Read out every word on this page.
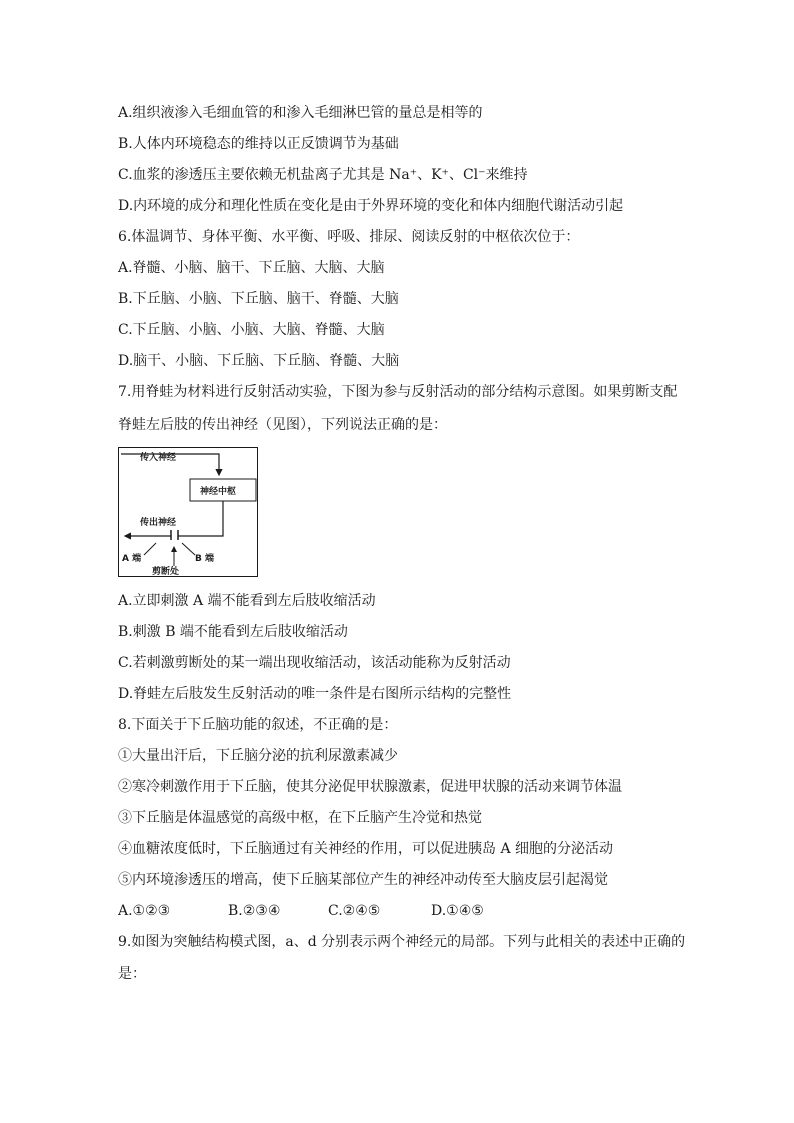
A.组织液渗入毛细血管的和渗入毛细淋巴管的量总是相等的
B.人体内环境稳态的维持以正反馈调节为基础
C.血浆的渗透压主要依赖无机盐离子尤其是 Na⁺、K⁺、Cl⁻来维持
D.内环境的成分和理化性质在变化是由于外界环境的变化和体内细胞代谢活动引起
6.体温调节、身体平衡、水平衡、呼吸、排尿、阅读反射的中枢依次位于：
A.脊髓、小脑、脑干、下丘脑、大脑、大脑
B.下丘脑、小脑、下丘脑、脑干、脊髓、大脑
C.下丘脑、小脑、小脑、大脑、脊髓、大脑
D.脑干、小脑、下丘脑、下丘脑、脊髓、大脑
7.用脊蛙为材料进行反射活动实验，下图为参与反射活动的部分结构示意图。如果剪断支配
脊蛙左后肢的传出神经（见图），下列说法正确的是：
传入神经
神经中枢
传出神经
A 端	B 端
剪断处
A.立即刺激 A 端不能看到左后肢收缩活动
B.刺激 B 端不能看到左后肢收缩活动
C.若刺激剪断处的某一端出现收缩活动，该活动能称为反射活动
D.脊蛙左后肢发生反射活动的唯一条件是右图所示结构的完整性
8.下面关于下丘脑功能的叙述，不正确的是：
①大量出汗后，下丘脑分泌的抗利尿激素减少
②寒冷刺激作用于下丘脑，使其分泌促甲状腺激素，促进甲状腺的活动来调节体温
③下丘脑是体温感觉的高级中枢，在下丘脑产生冷觉和热觉
④血糖浓度低时，下丘脑通过有关神经的作用，可以促进胰岛 A 细胞的分泌活动
⑤内环境渗透压的增高，使下丘脑某部位产生的神经冲动传至大脑皮层引起渴觉
A.①②③	B.②③④	C.②④⑤	D.①④⑤
9.如图为突触结构模式图，a、d 分别表示两个神经元的局部。下列与此相关的表述中正确的
是：
